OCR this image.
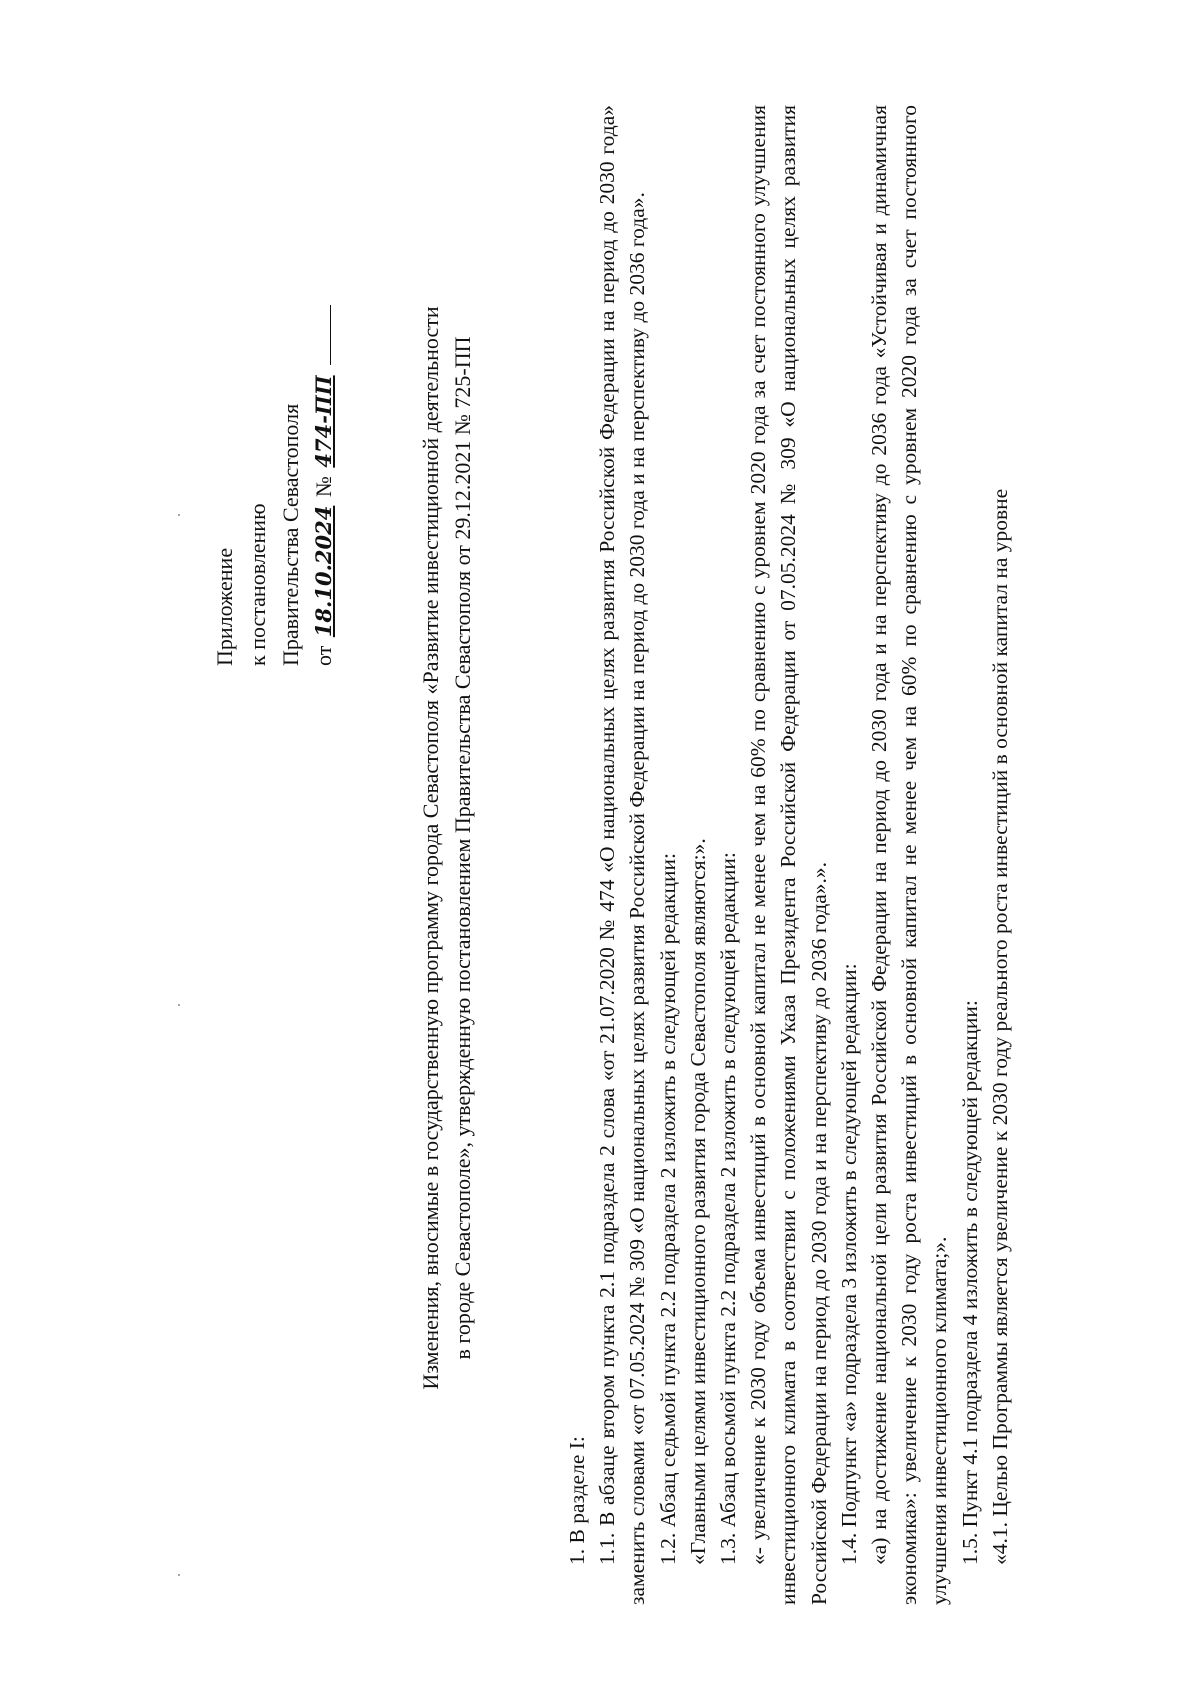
Приложение к постановлению Правительства Севастополя от 18.10.2024 № 474-ПП	Изменения, вносимые в государственную программу города Севастополя «Развитие инвестиционной деятельности в городе Севастополе», утвержденную постановлением Правительства Севастополя от 29.12.2021 № 725-ПП

1. В разделе I: 1.1. В абзаце втором пункта 2.1 подраздела 2 слова «от 21.07.2020 № 474 «О национальных целях развития Российской Федерации на период до 2030 года» заменить словами «от 07.05.2024 № 309 «О национальных целях развития Российской Федерации на период до 2030 года и на перспективу до 2036 года». 1.2. Абзац седьмой пункта 2.2 подраздела 2 изложить в следующей редакции: «Главными целями инвестиционного развития города Севастополя являются:». 1.3. Абзац восьмой пункта 2.2 подраздела 2 изложить в следующей редакции: «- увеличение к 2030 году объема инвестиций в основной капитал не менее чем на 60% по сравнению с уровнем 2020 года за счет постоянного улучшения инвестиционного климата в соответствии с положениями Указа Президента Российской Федерации от 07.05.2024 № 309 «О национальных целях развития Российской Федерации на период до 2030 года и на перспективу до 2036 года».». 1.4. Подпункт «а» подраздела 3 изложить в следующей редакции: «а) на достижение национальной цели развития Российской Федерации на период до 2030 года и на перспективу до 2036 года «Устойчивая и динамичная экономика»: увеличение к 2030 году роста инвестиций в основной капитал не менее чем на 60% по сравнению с уровнем 2020 года за счет постоянного улучшения инвестиционного климата;». 1.5. Пункт 4.1 подраздела 4 изложить в следующей редакции: «4.1. Целью Программы является увеличение к 2030 году реального роста инвестиций в основной капитал на уровне
